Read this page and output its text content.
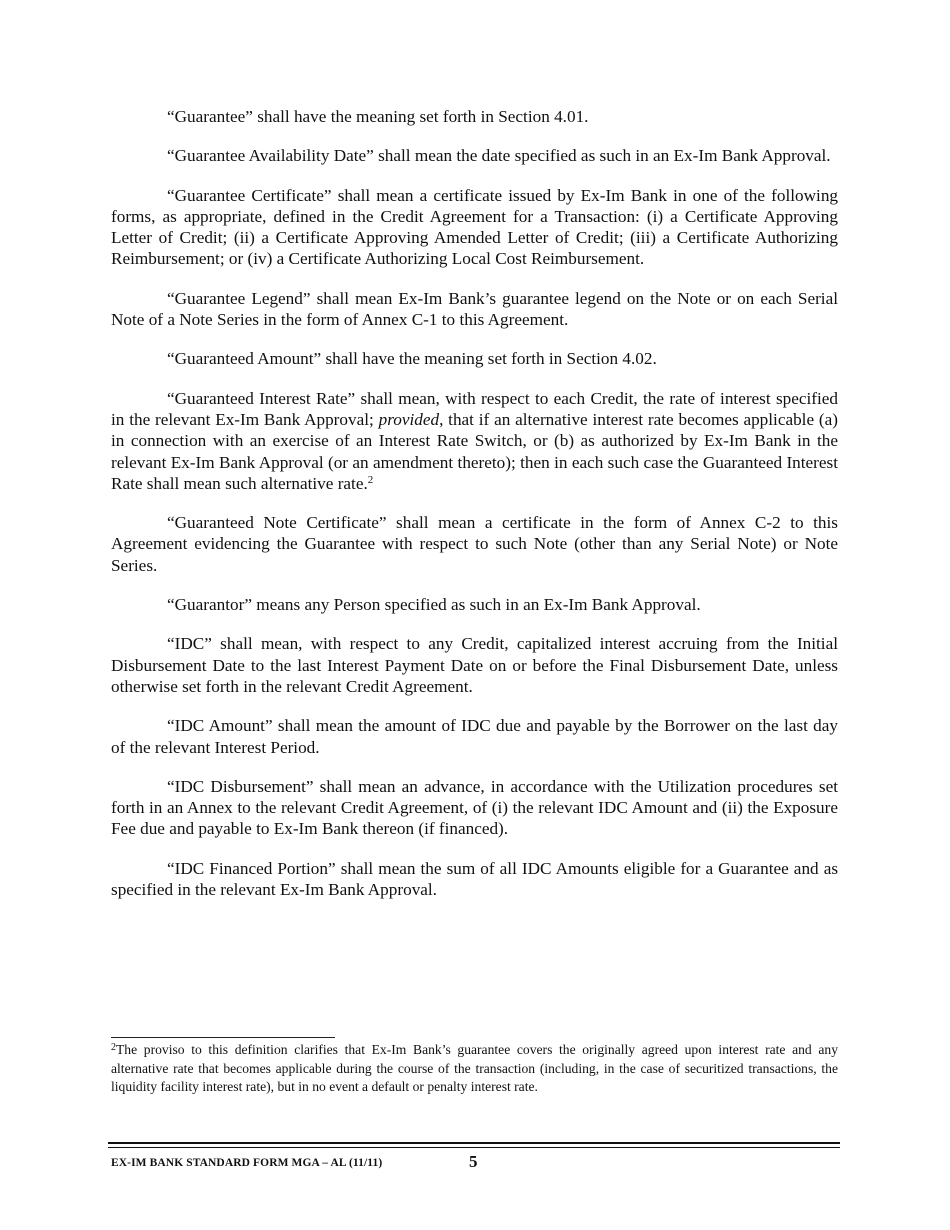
“Guarantee” shall have the meaning set forth in Section 4.01.

“Guarantee Availability Date” shall mean the date specified as such in an Ex-Im Bank Approval.

“Guarantee Certificate” shall mean a certificate issued by Ex-Im Bank in one of the following forms, as appropriate, defined in the Credit Agreement for a Transaction: (i) a Certificate Approving Letter of Credit; (ii) a Certificate Approving Amended Letter of Credit; (iii) a Certificate Authorizing Reimbursement; or (iv) a Certificate Authorizing Local Cost Reimbursement.

“Guarantee Legend” shall mean Ex-Im Bank’s guarantee legend on the Note or on each Serial Note of a Note Series in the form of Annex C-1 to this Agreement.

“Guaranteed Amount” shall have the meaning set forth in Section 4.02.

“Guaranteed Interest Rate” shall mean, with respect to each Credit, the rate of interest specified in the relevant Ex-Im Bank Approval; provided, that if an alternative interest rate becomes applicable (a) in connection with an exercise of an Interest Rate Switch, or (b) as authorized by Ex-Im Bank in the relevant Ex-Im Bank Approval (or an amendment thereto); then in each such case the Guaranteed Interest Rate shall mean such alternative rate.$^2$

“Guaranteed Note Certificate” shall mean a certificate in the form of Annex C-2 to this Agreement evidencing the Guarantee with respect to such Note (other than any Serial Note) or Note Series.

“Guarantor” means any Person specified as such in an Ex-Im Bank Approval.

“IDC” shall mean, with respect to any Credit, capitalized interest accruing from the Initial Disbursement Date to the last Interest Payment Date on or before the Final Disbursement Date, unless otherwise set forth in the relevant Credit Agreement.

“IDC Amount” shall mean the amount of IDC due and payable by the Borrower on the last day of the relevant Interest Period.

“IDC Disbursement” shall mean an advance, in accordance with the Utilization procedures set forth in an Annex to the relevant Credit Agreement, of (i) the relevant IDC Amount and (ii) the Exposure Fee due and payable to Ex-Im Bank thereon (if financed).

“IDC Financed Portion” shall mean the sum of all IDC Amounts eligible for a Guarantee and as specified in the relevant Ex-Im Bank Approval.

$^2$The proviso to this definition clarifies that Ex-Im Bank’s guarantee covers the originally agreed upon interest rate and any alternative rate that becomes applicable during the course of the transaction (including, in the case of securitized transactions, the liquidity facility interest rate), but in no event a default or penalty interest rate.

EX-IM BANK STANDARD FORM MGA – AL (11/11)	5
